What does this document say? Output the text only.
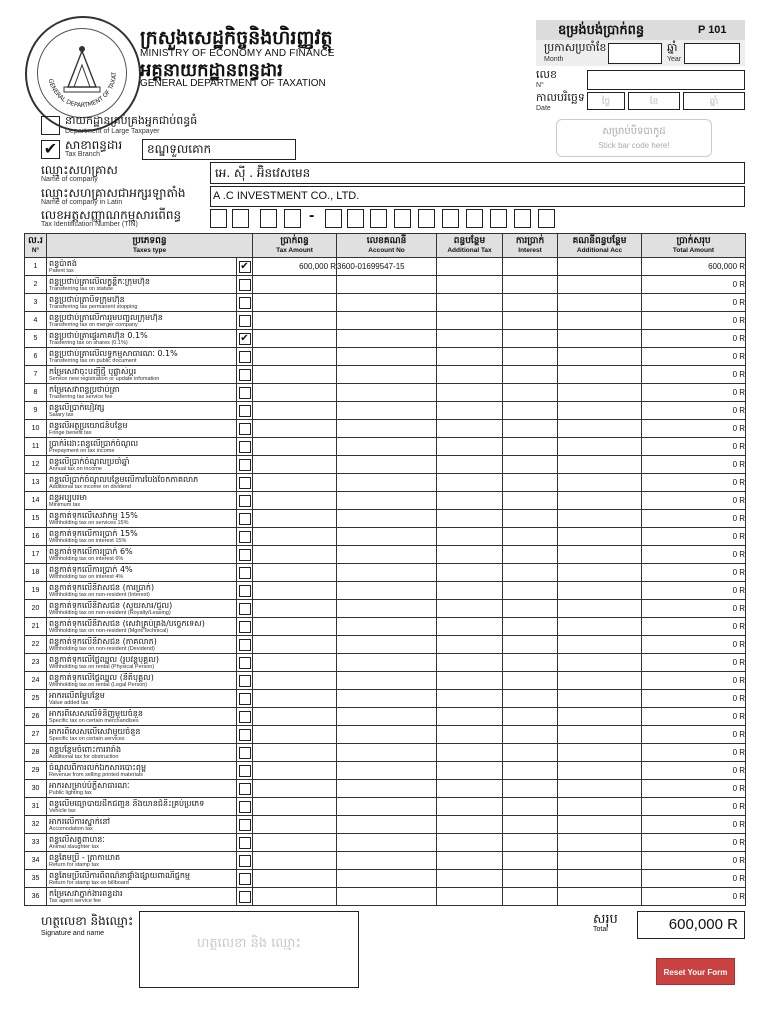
GENERAL DEPARTMENT OF TAXAT
ក្រសួងសេដ្ឋកិច្ចនិងហិរញ្ញវត្ថុ
MINISTRY OF ECONOMY AND FINANCE
អគ្គនាយកដ្ឋានពន្ធដារ
GENERAL DEPARTMENT OF TAXATION
ឧម្រង់បង់ប្រាក់ពន្ធ	P 101
ប្រកាសប្រចាំខែ
Month
ឆ្នាំ
Year
លេខ
N°
កាលបរិច្ឆេទ
Date
ថ្ងៃ	ខែ	ឆ្នាំ
សម្រាប់បិទបាកូដ
Stick bar code here!
នាយកដ្ឋានគ្រប់គ្រងអ្នកជាប់ពន្ធធំ
Department of Large Taxpayer
✔ សាខាពន្ធដារ
Tax Branch	ខណ្ឌទួលគោក
ឈ្មោះសហគ្រាស
Name of company	អេ. ស៊ី . អ៊ិនវេសមេន
ឈ្មោះសហគ្រាសជាអក្សរឡាតាំង
Name of company in Latin
A .C INVESTMENT CO., LTD.
លេខអត្តសញ្ញាណកម្មសារពើពន្ធ
Tax Identification Number (TIN)
-
ល.រ
N°	ប្រភេទពន្ធ
Taxes type		ប្រាក់ពន្ធ
Tax Amount	លេខគណនី
Account No	ពន្ធបន្ថែម
Additional Tax	ការប្រាក់
Interest	គណនីពន្ធបន្ថែម
Additional Acc	ប្រាក់សរុប
Total Amount

1	ពន្ធប៉ាតង់
Patent tax	✔	600,000 R	3600-01699547-15				600,000 R
2	ពន្ធប្រថាប់ត្រាលើលក្ខន្តិកៈក្រុមហ៊ុន
Transferring tax on statute							0 R
3	ពន្ធប្រថាប់ត្រាបិទក្រុមហ៊ុន
Transferring tax permanent stopping							0 R
4	ពន្ធប្រថាប់ត្រាលើការរួមបញ្ចូលក្រុមហ៊ុន
Transferring tax on merger company							0 R
5	ពន្ធប្រថាប់ត្រាផ្ទេរភាគហ៊ុន 0.1%
Trasferring tax on shares (0.1%)	✔						0 R
6	ពន្ធប្រថាប់ត្រាលើលទ្ធកម្មសាធារណៈ 0.1%
Transferring tax on public document							0 R
7	កម្រៃសេវាចុះបញ្ជីថ្មី ឬផ្លាស់ប្តូរ
Service new registration or update infomation							0 R
8	កម្រៃសេវាពន្ធប្រថាប់ត្រា
Trasferring tax service fee							0 R
9	ពន្ធលើប្រាក់បៀវត្ស
Salary tax							0 R
10	ពន្ធលើអត្ថប្រយោជន៍បន្ថែម
Fringe benefit tax							0 R
11	ប្រាក់រំដោះពន្ធលើប្រាក់ចំណូល
Prepayment on tax income							0 R
12	ពន្ធលើប្រាក់ចំណូលប្រចាំឆ្នាំ
Annual tax on income							0 R
13	ពន្ធលើប្រាក់ចំណូលបន្ថែមលើការបែងចែកភាគលាភ
Additional tax income on dividend							0 R
14	ពន្ធអប្បបរមា
Minimum tax							0 R
15	ពន្ធកាត់ទុកលើសេវាកម្ម 15%
Withholding tax on services 15%							0 R
16	ពន្ធកាត់ទុកលើការប្រាក់ 15%
Withholding tax on interest 15%							0 R
17	ពន្ធកាត់ទុកលើការប្រាក់ 6%
Withholding tax on interest 6%							0 R
18	ពន្ធកាត់ទុកលើការប្រាក់ 4%
Withholding tax on interest 4%							0 R
19	ពន្ធកាត់ទុកលើនិវាសជន (ការប្រាក់)
Withholding tax on non-resident (Interest)							0 R
20	ពន្ធកាត់ទុកលើនិវាសជន (សួយសារ/ជួល)
Withholding tax on non-resident (Royalty/Leasing)							0 R
21	ពន្ធកាត់ទុកលើនិវាសជន (សេវាគ្រប់គ្រង/បច្ចេកទេស)
Withholding tax on non-resident (Mgnt/Technical)							0 R
22	ពន្ធកាត់ទុកលើនិវាសជន (ភាគលាភ)
Withholding tax on non-resident (Devidend)							0 R
23	ពន្ធកាត់ទុកលើថ្លៃឈ្នួល (រូបវន្តបុគ្គល)
Withholding tax on rental (Physical Person)							0 R
24	ពន្ធកាត់ទុកលើថ្លៃឈ្នួល (នីតិបុគ្គល)
Withholding tax on rental (Legal Person)							0 R
25	អាករលើតម្លៃបន្ថែម
Value added tax							0 R
26	អាករពិសេសលើទំនិញមួយចំនួន
Specific tax on certain merchandises							0 R
27	អាករពិសេសលើសេវាមួយចំនួន
Specific tax on certain services							0 R
28	ពន្ធបន្ថែមចំពោះការរារាំង
Additional tax for obstruction							0 R
29	ចំណូលពីការលក់ឯកសារបោះពុម្ព
Revenue from selling printed materials							0 R
30	អាករសម្រាប់បំភ្លឺសាធារណៈ
Public lighting tax							0 R
31	ពន្ធលើមធ្យោបាយដឹកជញ្ជូន និងយានជំនិះគ្រប់ប្រភេទ
Vehicle tax							0 R
32	អាករលើការស្នាក់នៅ
Accomodation tax							0 R
33	ពន្ធលើសត្វពាហនៈ
Animal slaughter tax							0 R
34	ពន្ធតែមប្រិ៍ - ត្រាកាឃាត
Return for stamp tax							0 R
35	ពន្ធតែមប្រិ៍លើការពិពណ៌នាផ្ទាំងផ្សាយពាណិជ្ជកម្ម
Return for stamp tax on billboard							0 R
36	កម្រៃសេវាភ្នាក់ងារពន្ធដារ
Tax agent service fee							0 R
ហត្ថលេខា និងឈ្មោះ
Signature and name
ហត្ថលេខា និង ឈ្មោះ
សរុប
Total	600,000 R
Reset Your Form
